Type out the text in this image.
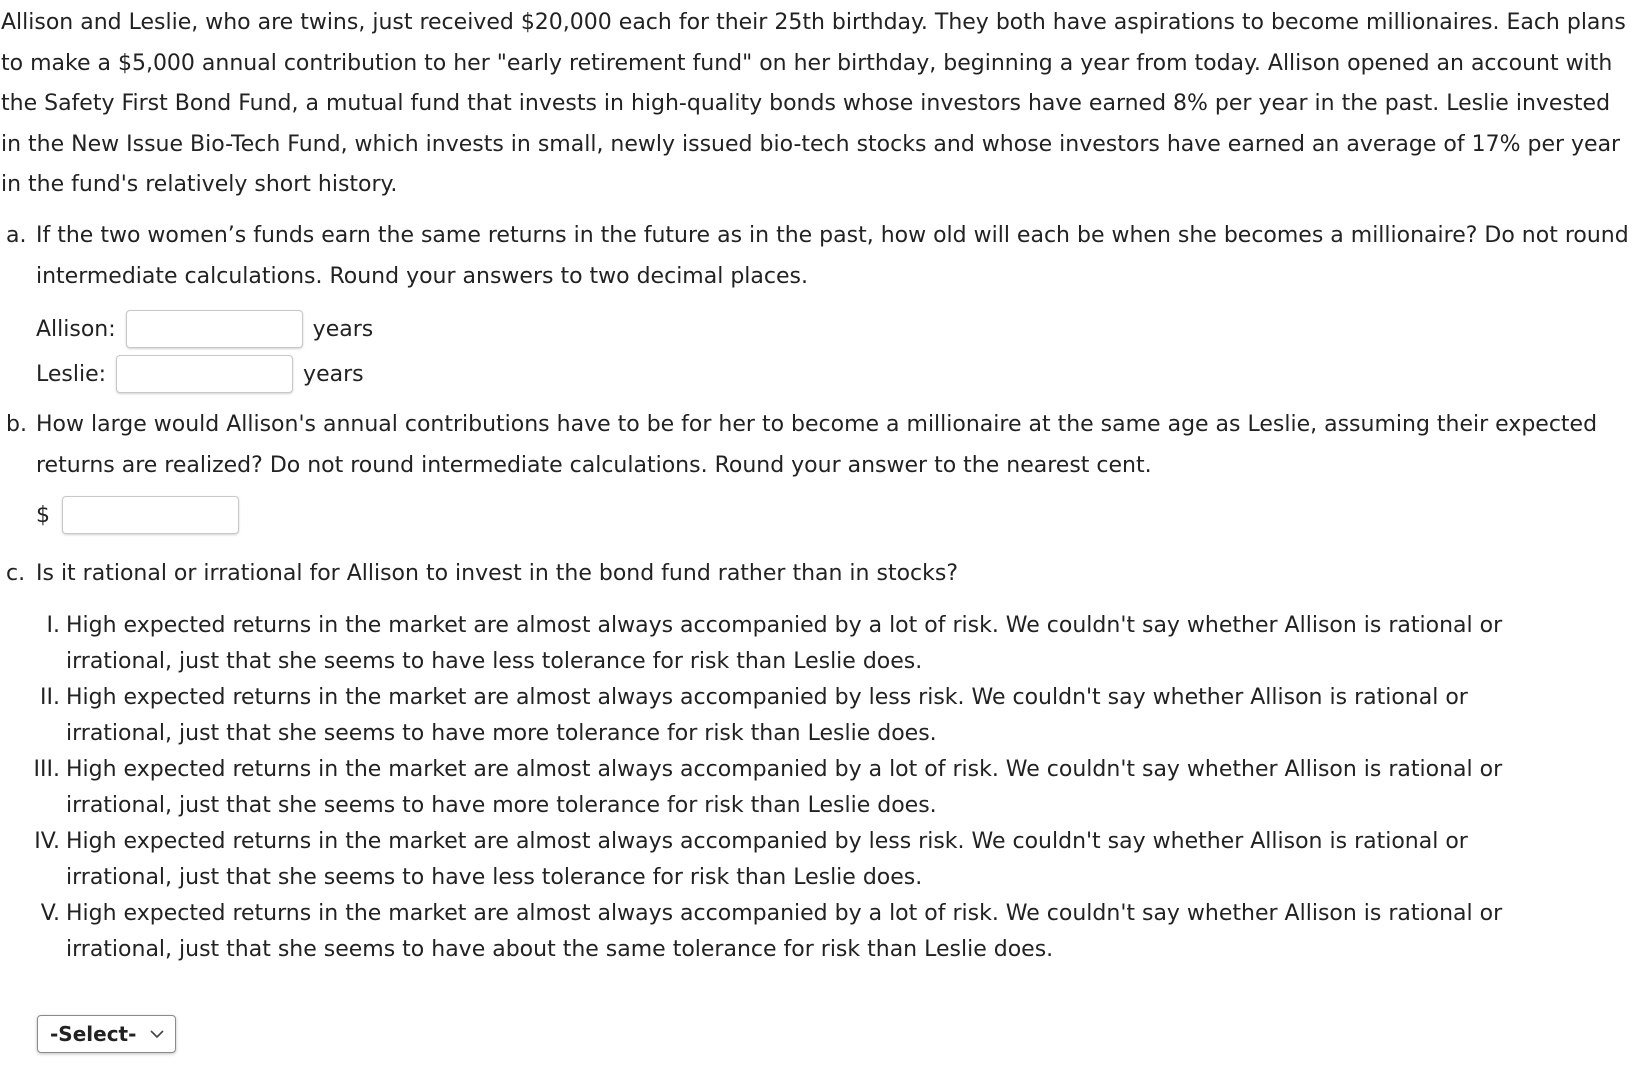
Allison and Leslie, who are twins, just received $20,000 each for their 25th birthday. They both have aspirations to become millionaires. Each plans to make a $5,000 annual contribution to her "early retirement fund" on her birthday, beginning a year from today. Allison opened an account with the Safety First Bond Fund, a mutual fund that invests in high-quality bonds whose investors have earned 8% per year in the past. Leslie invested in the New Issue Bio-Tech Fund, which invests in small, newly issued bio-tech stocks and whose investors have earned an average of 17% per year in the fund's relatively short history.

a. If the two women’s funds earn the same returns in the future as in the past, how old will each be when she becomes a millionaire? Do not round intermediate calculations. Round your answers to two decimal places.
Allison:	years
Leslie:	years
b. How large would Allison's annual contributions have to be for her to become a millionaire at the same age as Leslie, assuming their expected returns are realized? Do not round intermediate calculations. Round your answer to the nearest cent.
$
c. Is it rational or irrational for Allison to invest in the bond fund rather than in stocks?
I. High expected returns in the market are almost always accompanied by a lot of risk. We couldn't say whether Allison is rational or irrational, just that she seems to have less tolerance for risk than Leslie does.
II. High expected returns in the market are almost always accompanied by less risk. We couldn't say whether Allison is rational or irrational, just that she seems to have more tolerance for risk than Leslie does.
III. High expected returns in the market are almost always accompanied by a lot of risk. We couldn't say whether Allison is rational or irrational, just that she seems to have more tolerance for risk than Leslie does.
IV. High expected returns in the market are almost always accompanied by less risk. We couldn't say whether Allison is rational or irrational, just that she seems to have less tolerance for risk than Leslie does.
V. High expected returns in the market are almost always accompanied by a lot of risk. We couldn't say whether Allison is rational or irrational, just that she seems to have about the same tolerance for risk than Leslie does.
-Select-
